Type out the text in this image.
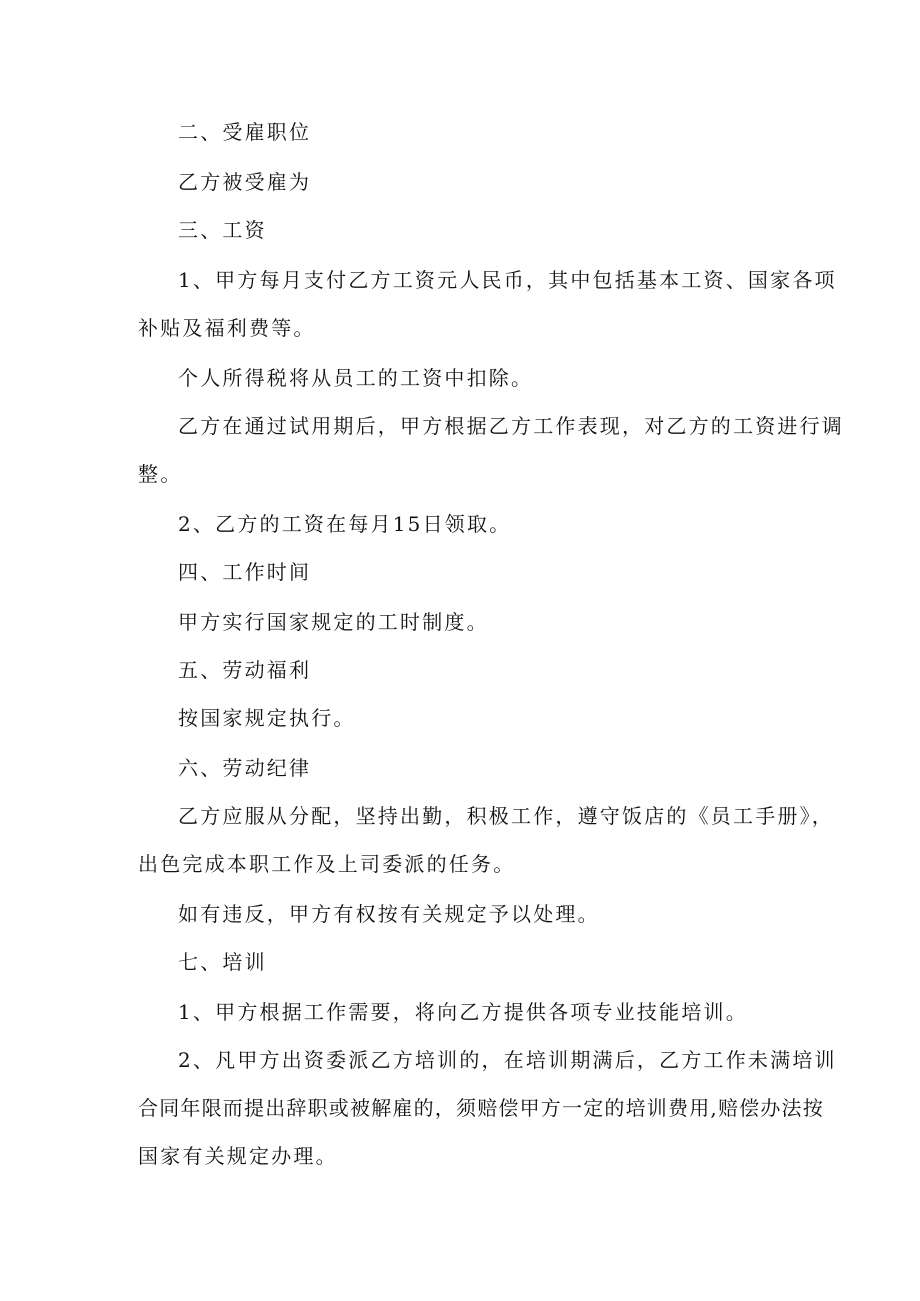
二、受雇职位
乙方被受雇为
三、工资
1、甲方每月支付乙方工资元人民币，其中包括基本工资、国家各项
补贴及福利费等。
个人所得税将从员工的工资中扣除。
乙方在通过试用期后，甲方根据乙方工作表现，对乙方的工资进行调
整。
2、乙方的工资在每月15日领取。
四、工作时间
甲方实行国家规定的工时制度。
五、劳动福利
按国家规定执行。
六、劳动纪律
乙方应服从分配，坚持出勤，积极工作，遵守饭店的《员工手册》，
出色完成本职工作及上司委派的任务。
如有违反，甲方有权按有关规定予以处理。
七、培训
1、甲方根据工作需要，将向乙方提供各项专业技能培训。
2、凡甲方出资委派乙方培训的，在培训期满后，乙方工作未满培训
合同年限而提出辞职或被解雇的，须赔偿甲方一定的培训费用,赔偿办法按
国家有关规定办理。
